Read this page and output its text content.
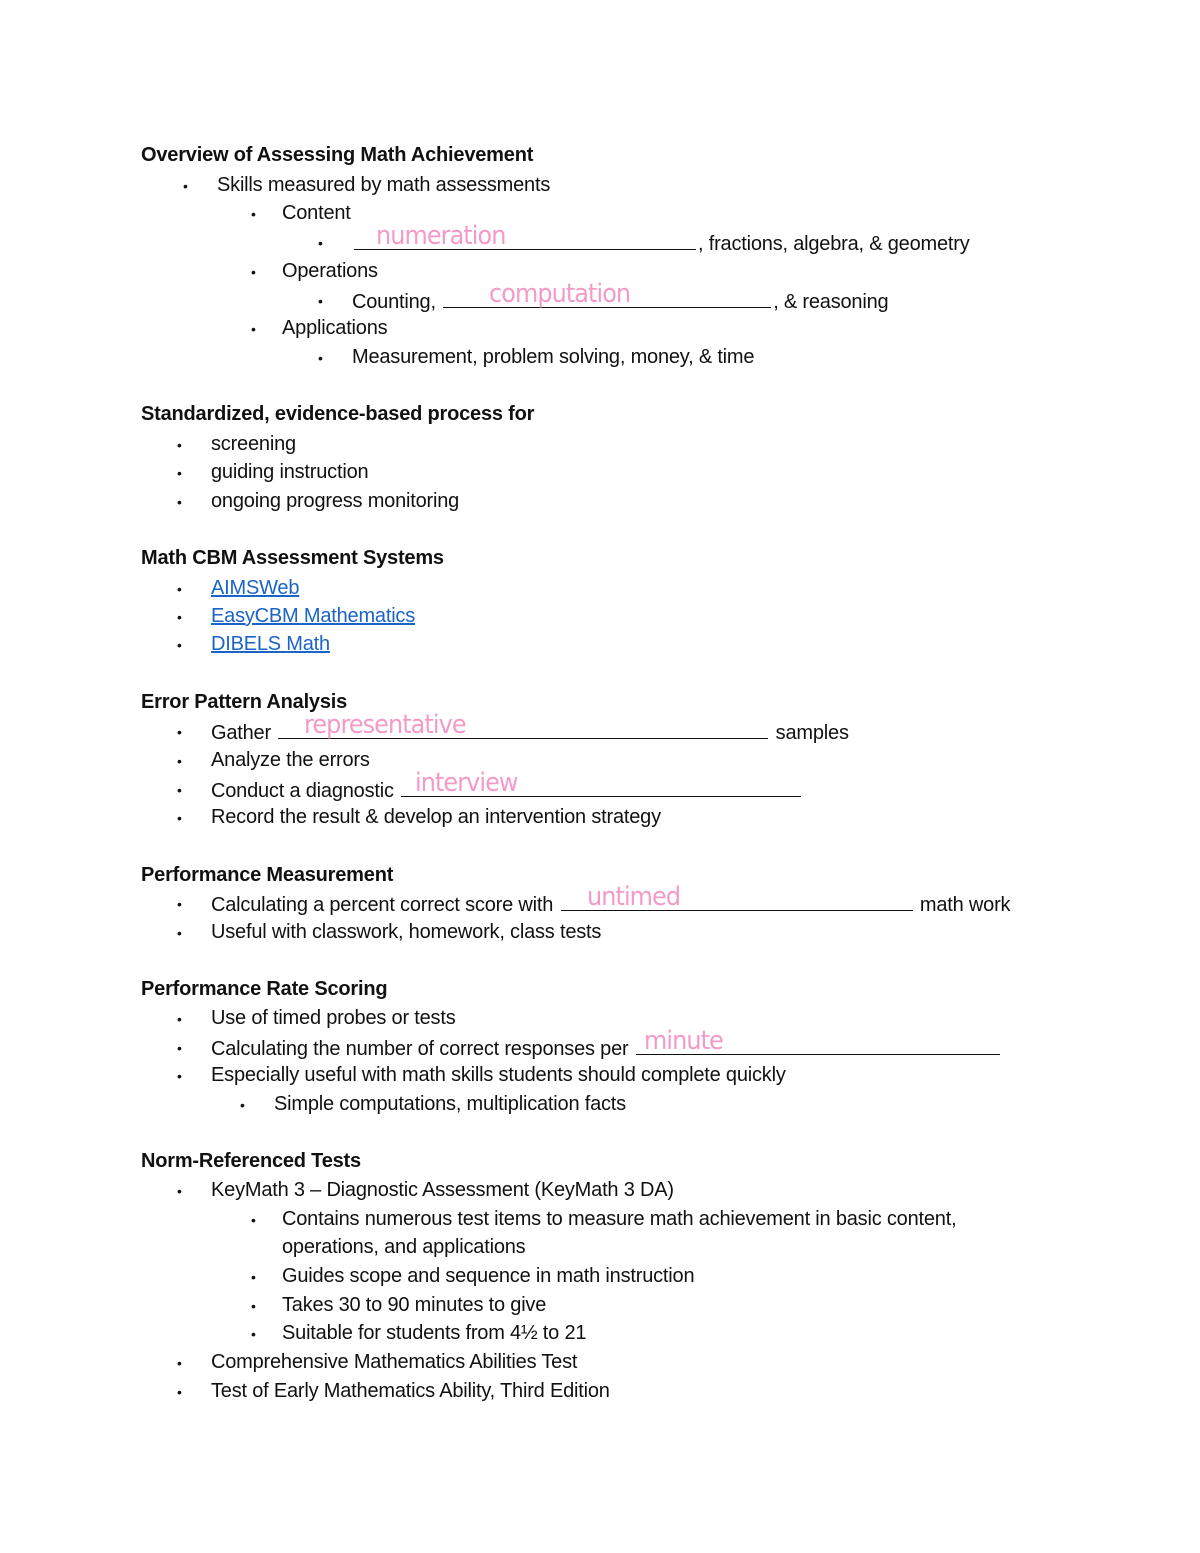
Overview of Assessing Math Achievement
• Skills measured by math assessments
• Content
• numeration	, fractions, algebra, & geometry
• Operations
• Counting, computation	, & reasoning
• Applications
• Measurement, problem solving, money, & time
Standardized, evidence-based process for
• screening
• guiding instruction
• ongoing progress monitoring
Math CBM Assessment Systems
• AIMSWeb
• EasyCBM Mathematics
• DIBELS Math
Error Pattern Analysis
• Gather representative	samples
• Analyze the errors
• Conduct a diagnostic interview
• Record the result & develop an intervention strategy
Performance Measurement
• Calculating a percent correct score with untimed	math work
• Useful with classwork, homework, class tests
Performance Rate Scoring
• Use of timed probes or tests
• Calculating the number of correct responses per minute
• Especially useful with math skills students should complete quickly
• Simple computations, multiplication facts
Norm-Referenced Tests
• KeyMath 3 – Diagnostic Assessment (KeyMath 3 DA)
• Contains numerous test items to measure math achievement in basic content,
operations, and applications
• Guides scope and sequence in math instruction
• Takes 30 to 90 minutes to give
• Suitable for students from 4½ to 21
• Comprehensive Mathematics Abilities Test
• Test of Early Mathematics Ability, Third Edition
